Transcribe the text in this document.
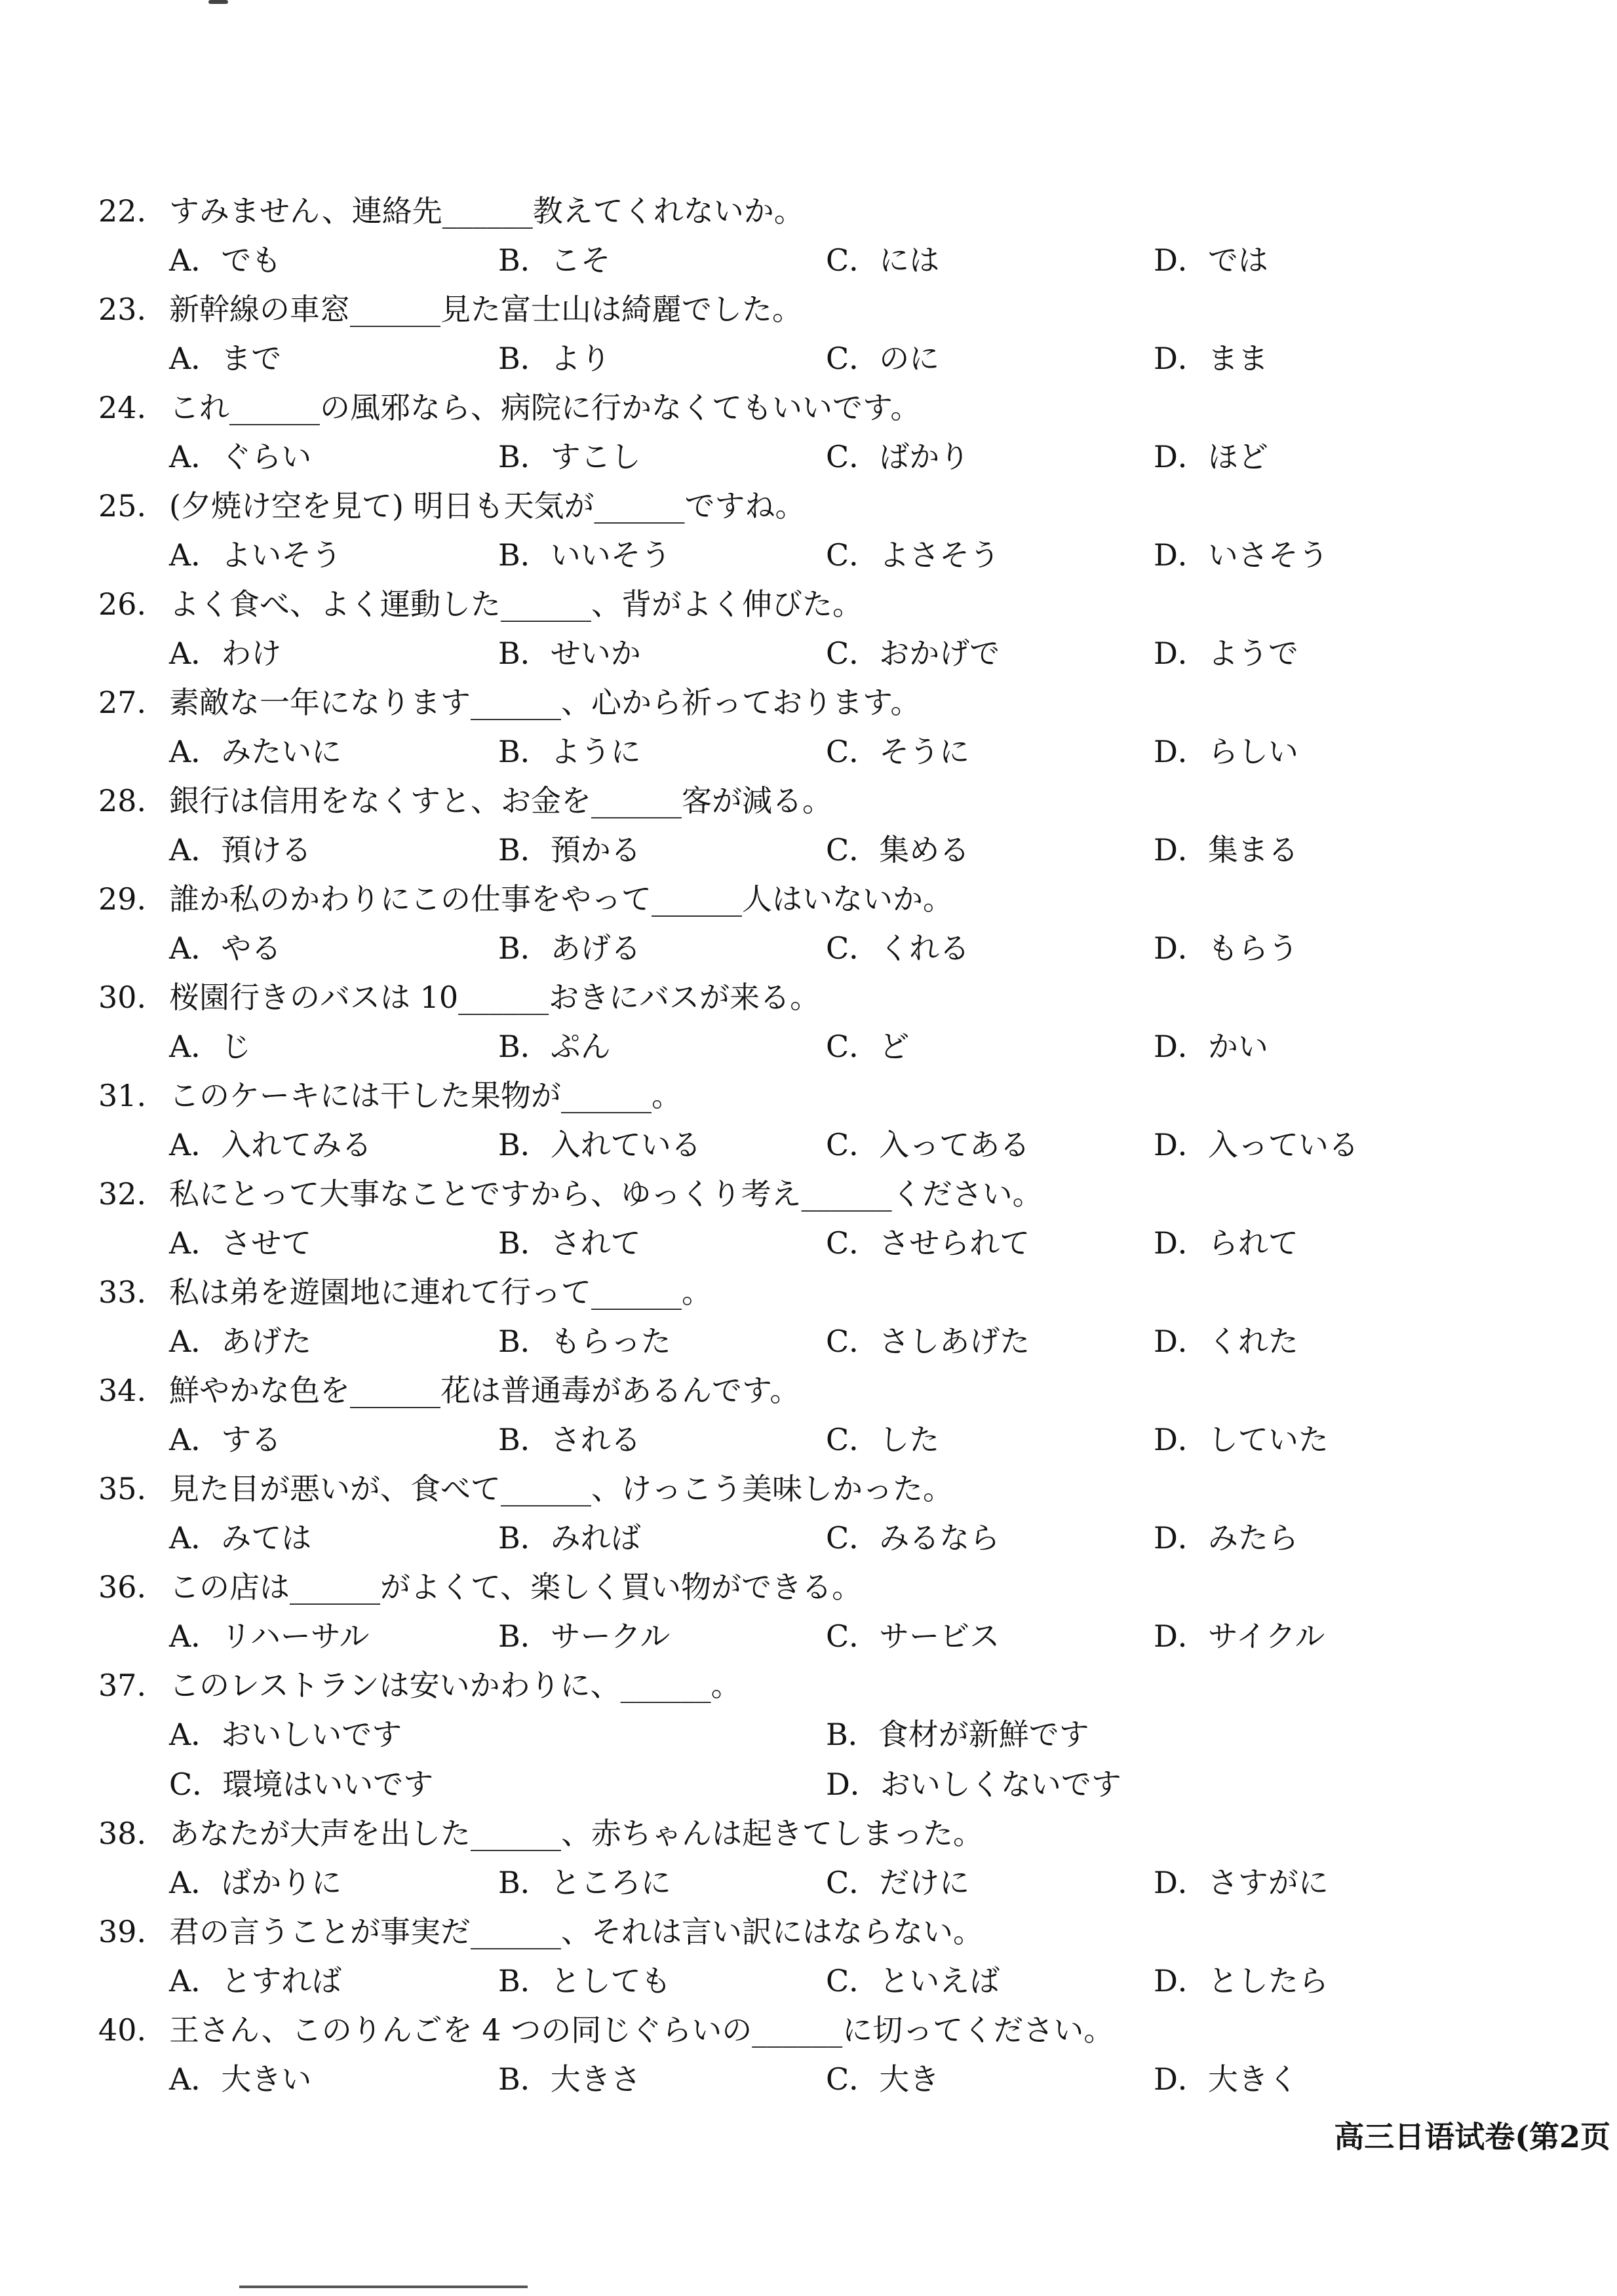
22. すみません、連絡先______教えてくれないか。
A．でも	B．こそ	C．には	D．では
23. 新幹線の車窓______見た富士山は綺麗でした。
A．まで	B．より	C．のに	D．まま
24. これ______の風邪なら、病院に行かなくてもいいです。
A．ぐらい	B．すこし	C．ばかり	D．ほど
25. (夕焼け空を見て) 明日も天気が______ですね。
A．よいそう	B．いいそう	C．よさそう	D．いさそう
26. よく食べ、よく運動した______、背がよく伸びた。
A．わけ	B．せいか	C．おかげで	D．ようで
27. 素敵な一年になります______、心から祈っております。
A．みたいに	B．ように	C．そうに	D．らしい
28. 銀行は信用をなくすと、お金を______客が減る。
A．預ける	B．預かる	C．集める	D．集まる
29. 誰か私のかわりにこの仕事をやって______人はいないか。
A．やる	B．あげる	C．くれる	D．もらう
30. 桜園行きのバスは 10______おきにバスが来る。
A．じ	B．ぷん	C．ど	D．かい
31. このケーキには干した果物が______。
A．入れてみる	B．入れている	C．入ってある	D．入っている
32. 私にとって大事なことですから、ゆっくり考え______ください。
A．させて	B．されて	C．させられて	D．られて
33. 私は弟を遊園地に連れて行って______。
A．あげた	B．もらった	C．さしあげた	D．くれた
34. 鮮やかな色を______花は普通毒があるんです。
A．する	B．される	C．した	D．していた
35. 見た目が悪いが、食べて______、けっこう美味しかった。
A．みては	B．みれば	C．みるなら	D．みたら
36. この店は______がよくて、楽しく買い物ができる。
A．リハーサル	B．サークル	C．サービス	D．サイクル
37. このレストランは安いかわりに、______。
A．おいしいです	B．食材が新鮮です
C．環境はいいです	D．おいしくないです
38. あなたが大声を出した______、赤ちゃんは起きてしまった。
A．ばかりに	B．ところに	C．だけに	D．さすがに
39. 君の言うことが事実だ______、それは言い訳にはならない。
A．とすれば	B．としても	C．といえば	D．としたら
40. 王さん、このりんごを 4 つの同じぐらいの______に切ってください。
A．大きい	B．大きさ	C．大き	D．大きく
高三日语试卷(第2页
